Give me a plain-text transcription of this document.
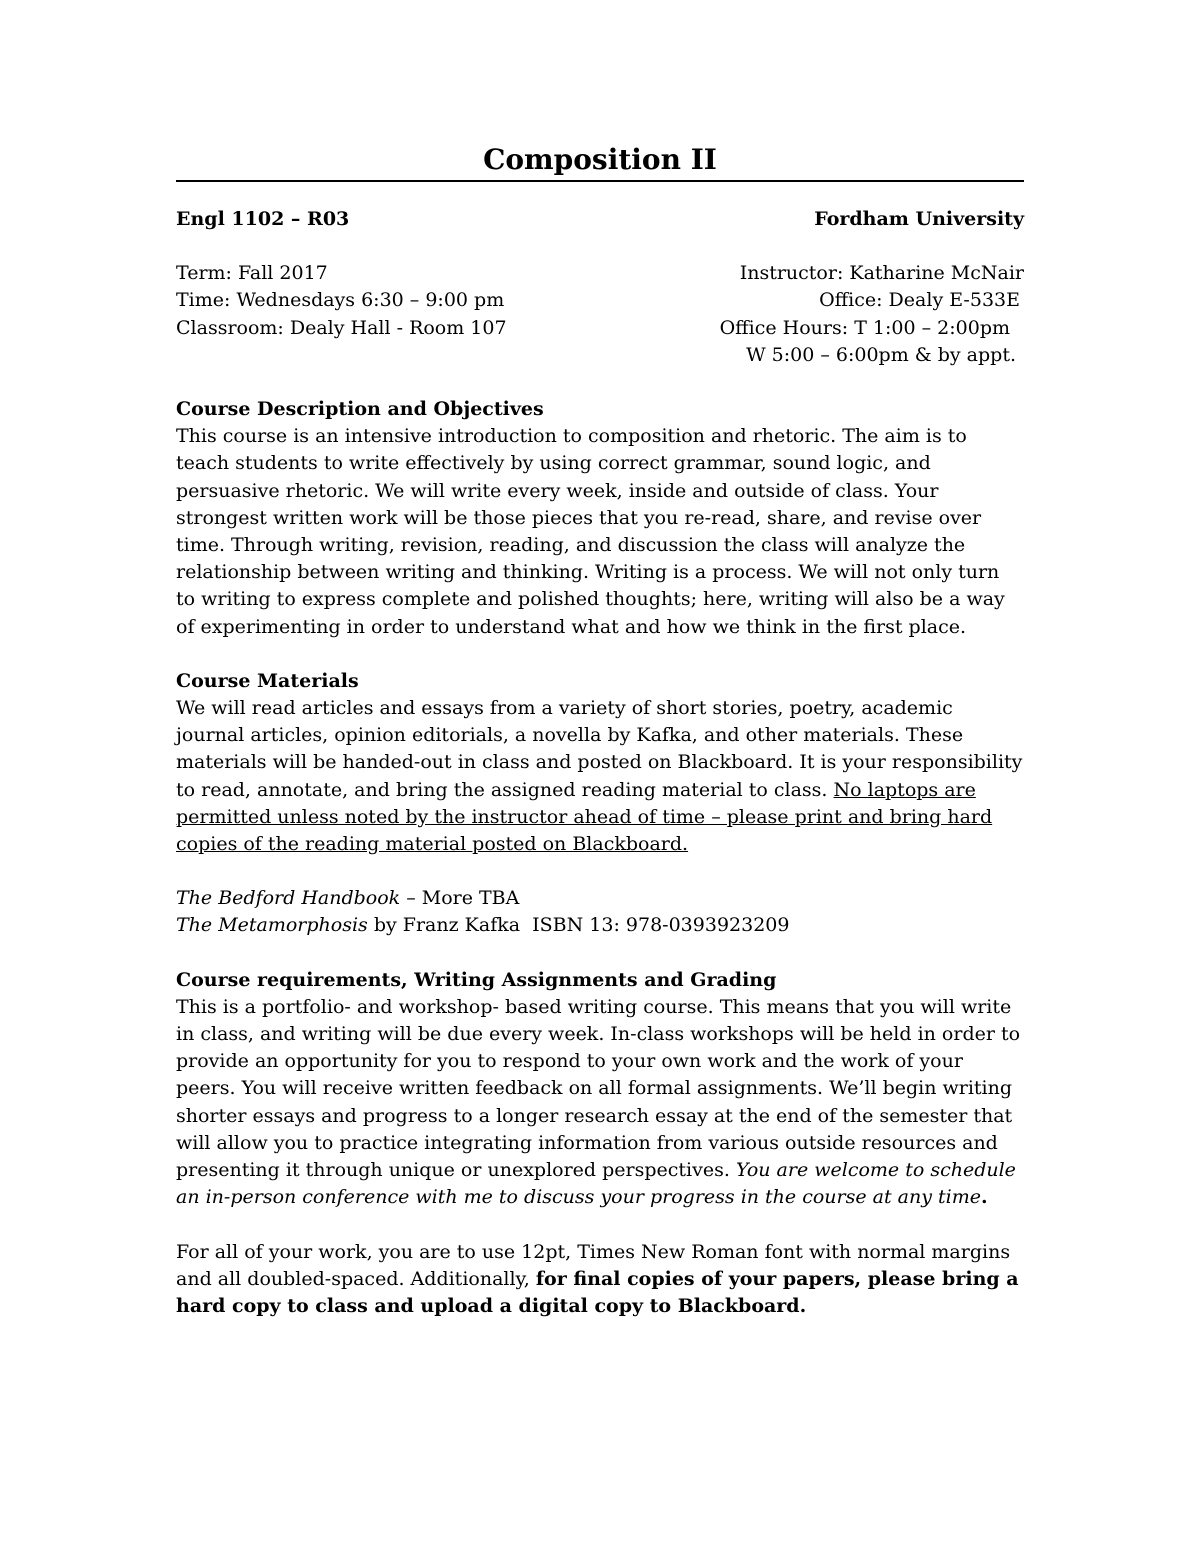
Composition II
Engl 1102 – R03	Fordham University
Term: Fall 2017
Time: Wednesdays 6:30 – 9:00 pm
Classroom: Dealy Hall - Room 107
Instructor: Katharine McNair
Office: Dealy E-533E
Office Hours: T 1:00 – 2:00pm
W 5:00 – 6:00pm & by appt.
Course Description and Objectives

This course is an intensive introduction to composition and rhetoric. The aim is to teach students to write effectively by using correct grammar, sound logic, and persuasive rhetoric. We will write every week, inside and outside of class. Your strongest written work will be those pieces that you re-read, share, and revise over time. Through writing, revision, reading, and discussion the class will analyze the relationship between writing and thinking. Writing is a process. We will not only turn to writing to express complete and polished thoughts; here, writing will also be a way of experimenting in order to understand what and how we think in the first place.

Course Materials

We will read articles and essays from a variety of short stories, poetry, academic journal articles, opinion editorials, a novella by Kafka, and other materials. These materials will be handed-out in class and posted on Blackboard. It is your responsibility to read, annotate, and bring the assigned reading material to class. No laptops are permitted unless noted by the instructor ahead of time – please print and bring hard copies of the reading material posted on Blackboard.

The Bedford Handbook – More TBA

The Metamorphosis by Franz Kafka  ISBN 13: 978-0393923209

Course requirements, Writing Assignments and Grading

This is a portfolio- and workshop- based writing course. This means that you will write in class, and writing will be due every week. In-class workshops will be held in order to provide an opportunity for you to respond to your own work and the work of your peers. You will receive written feedback on all formal assignments. We’ll begin writing shorter essays and progress to a longer research essay at the end of the semester that will allow you to practice integrating information from various outside resources and presenting it through unique or unexplored perspectives. You are welcome to schedule an in-person conference with me to discuss your progress in the course at any time.

For all of your work, you are to use 12pt, Times New Roman font with normal margins and all doubled-spaced. Additionally, for final copies of your papers, please bring a hard copy to class and upload a digital copy to Blackboard.
